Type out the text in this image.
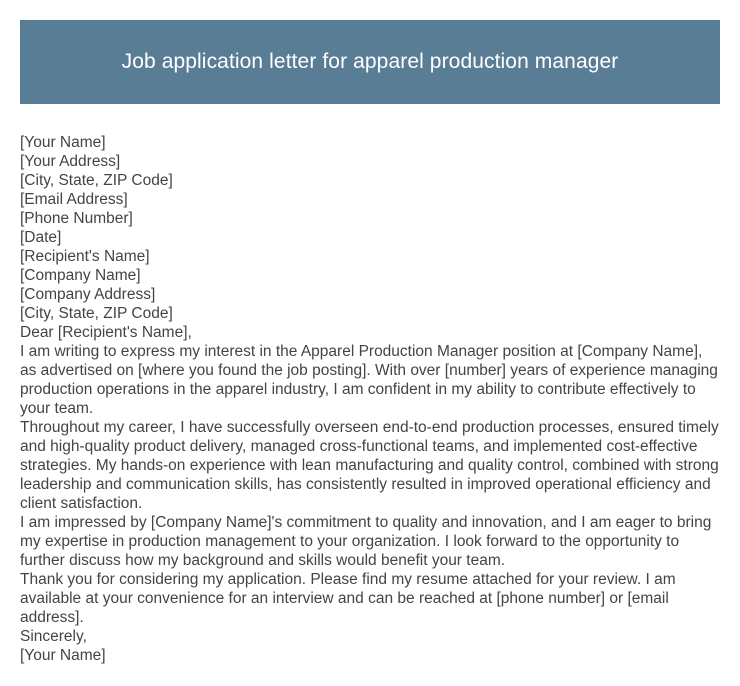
Job application letter for apparel production manager
[Your Name]
[Your Address]
[City, State, ZIP Code]
[Email Address]
[Phone Number]
[Date]
[Recipient's Name]
[Company Name]
[Company Address]
[City, State, ZIP Code]
Dear [Recipient's Name],
I am writing to express my interest in the Apparel Production Manager position at [Company Name], as advertised on [where you found the job posting]. With over [number] years of experience managing production operations in the apparel industry, I am confident in my ability to contribute effectively to your team.
Throughout my career, I have successfully overseen end-to-end production processes, ensured timely and high-quality product delivery, managed cross-functional teams, and implemented cost-effective strategies. My hands-on experience with lean manufacturing and quality control, combined with strong leadership and communication skills, has consistently resulted in improved operational efficiency and client satisfaction.
I am impressed by [Company Name]'s commitment to quality and innovation, and I am eager to bring my expertise in production management to your organization. I look forward to the opportunity to further discuss how my background and skills would benefit your team.
Thank you for considering my application. Please find my resume attached for your review. I am available at your convenience for an interview and can be reached at [phone number] or [email address].
Sincerely,
[Your Name]
